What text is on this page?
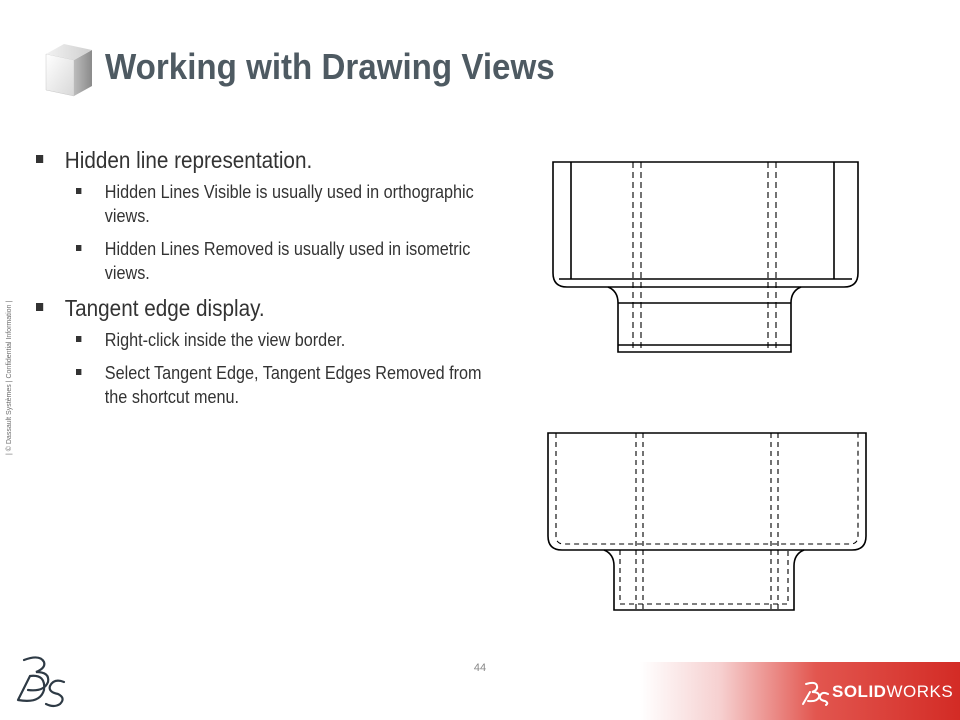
Working with Drawing Views
| © Dassault Systèmes | Confidential Information |
Hidden line representation.
Hidden Lines Visible is usually used in orthographic views.
Hidden Lines Removed is usually used in isometric views.
Tangent edge display.
Right-click inside the view border.
Select Tangent Edge, Tangent Edges Removed from the shortcut menu.
44
SOLIDWORKS
